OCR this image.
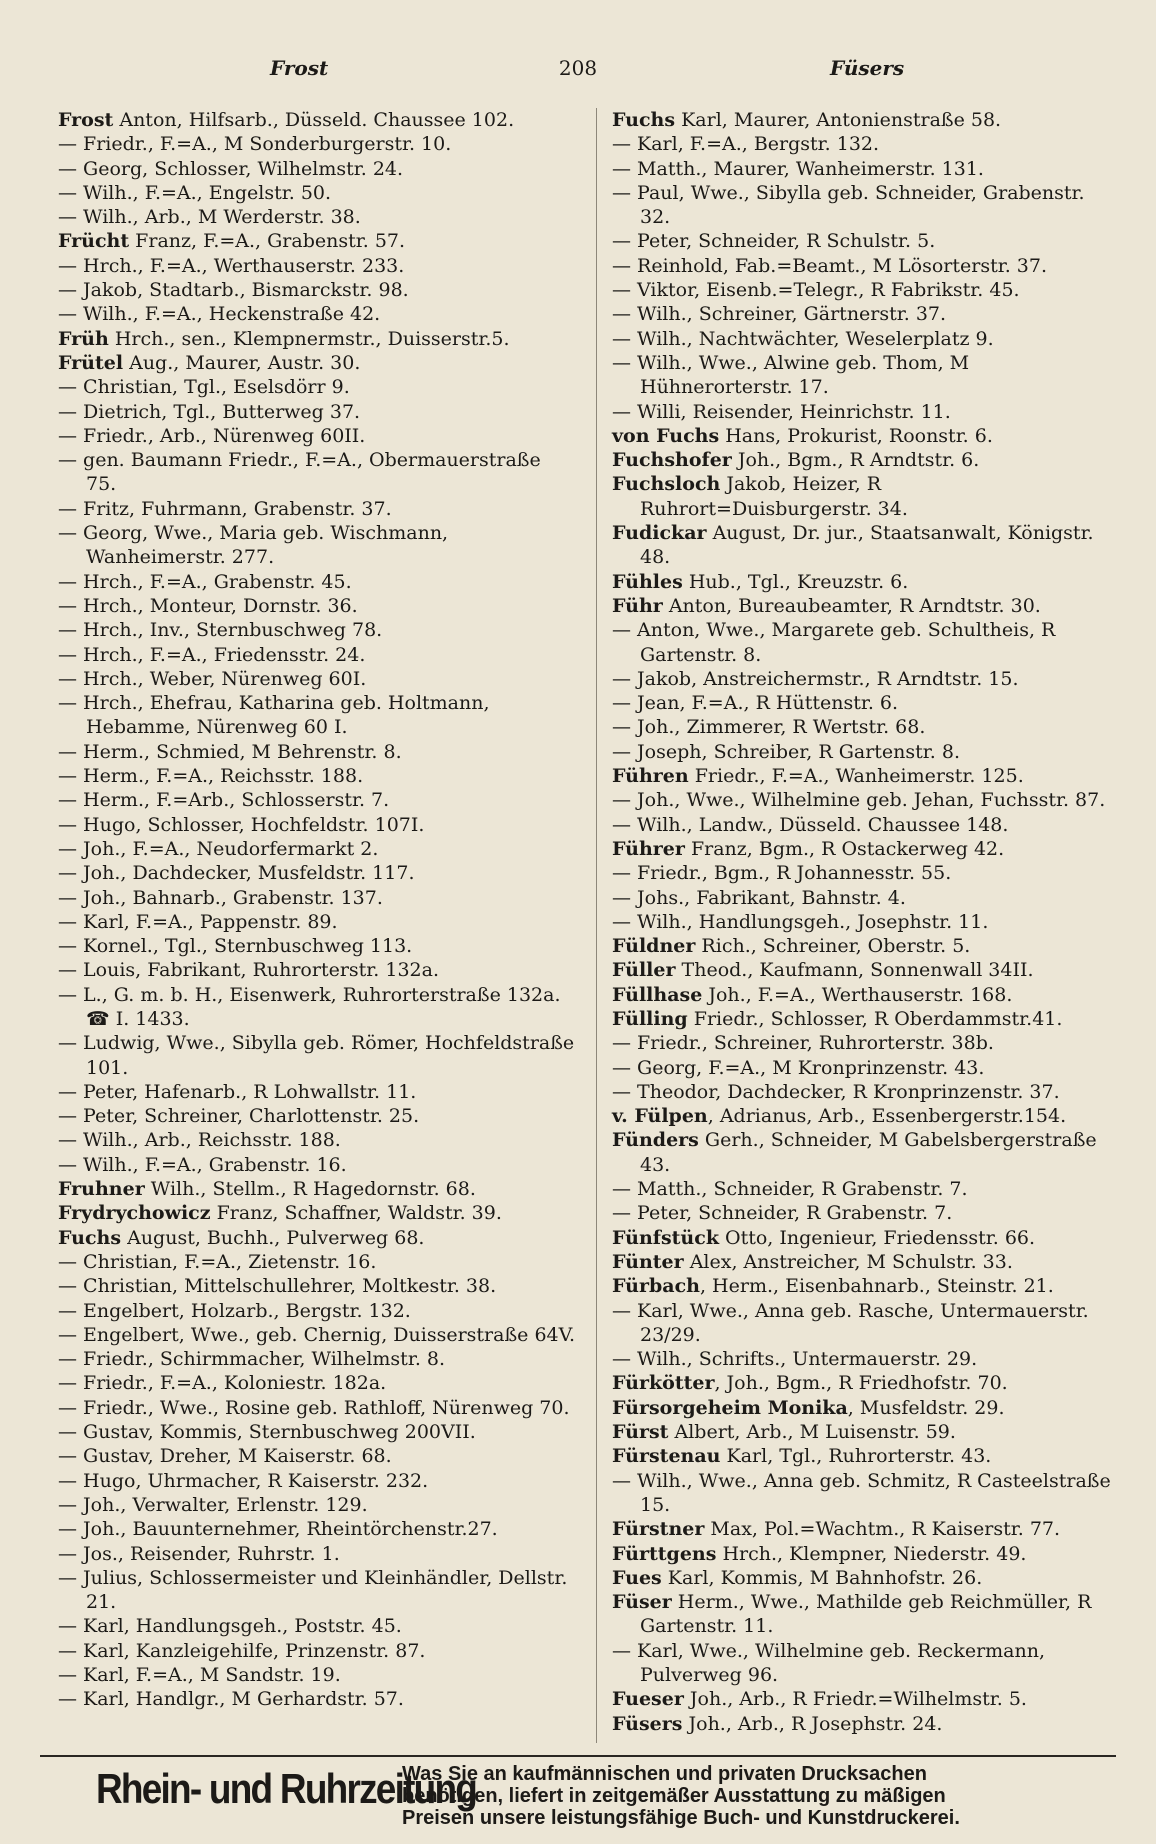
Frost	208	Füsers

Frost Anton, Hilfsarb., Düsseld. Chaussee 102.

— Friedr., F.=A., M Sonderburgerstr. 10.

— Georg, Schlosser, Wilhelmstr. 24.

— Wilh., F.=A., Engelstr. 50.

— Wilh., Arb., M Werderstr. 38.

Frücht Franz, F.=A., Grabenstr. 57.

— Hrch., F.=A., Werthauserstr. 233.

— Jakob, Stadtarb., Bismarckstr. 98.

— Wilh., F.=A., Heckenstraße 42.

Früh Hrch., sen., Klempnermstr., Duisserstr.5.

Frütel Aug., Maurer, Austr. 30.

— Christian, Tgl., Eselsdörr 9.

— Dietrich, Tgl., Butterweg 37.

— Friedr., Arb., Nürenweg 60II.

— gen. Baumann Friedr., F.=A., Obermauerstraße 75.

— Fritz, Fuhrmann, Grabenstr. 37.

— Georg, Wwe., Maria geb. Wischmann, Wanheimerstr. 277.

— Hrch., F.=A., Grabenstr. 45.

— Hrch., Monteur, Dornstr. 36.

— Hrch., Inv., Sternbuschweg 78.

— Hrch., F.=A., Friedensstr. 24.

— Hrch., Weber, Nürenweg 60I.

— Hrch., Ehefrau, Katharina geb. Holtmann, Hebamme, Nürenweg 60 I.

— Herm., Schmied, M Behrenstr. 8.

— Herm., F.=A., Reichsstr. 188.

— Herm., F.=Arb., Schlosserstr. 7.

— Hugo, Schlosser, Hochfeldstr. 107I.

— Joh., F.=A., Neudorfermarkt 2.

— Joh., Dachdecker, Musfeldstr. 117.

— Joh., Bahnarb., Grabenstr. 137.

— Karl, F.=A., Pappenstr. 89.

— Kornel., Tgl., Sternbuschweg 113.

— Louis, Fabrikant, Ruhrorterstr. 132a.

— L., G. m. b. H., Eisenwerk, Ruhrorterstraße 132a. ☎ I. 1433.

— Ludwig, Wwe., Sibylla geb. Römer, Hochfeldstraße 101.

— Peter, Hafenarb., R Lohwallstr. 11.

— Peter, Schreiner, Charlottenstr. 25.

— Wilh., Arb., Reichsstr. 188.

— Wilh., F.=A., Grabenstr. 16.

Fruhner Wilh., Stellm., R Hagedornstr. 68.

Frydrychowicz Franz, Schaffner, Waldstr. 39.

Fuchs August, Buchh., Pulverweg 68.

— Christian, F.=A., Zietenstr. 16.

— Christian, Mittelschullehrer, Moltkestr. 38.

— Engelbert, Holzarb., Bergstr. 132.

— Engelbert, Wwe., geb. Chernig, Duisserstraße 64V.

— Friedr., Schirmmacher, Wilhelmstr. 8.

— Friedr., F.=A., Koloniestr. 182a.

— Friedr., Wwe., Rosine geb. Rathloff, Nürenweg 70.

— Gustav, Kommis, Sternbuschweg 200VII.

— Gustav, Dreher, M Kaiserstr. 68.

— Hugo, Uhrmacher, R Kaiserstr. 232.

— Joh., Verwalter, Erlenstr. 129.

— Joh., Bauunternehmer, Rheintörchenstr.27.

— Jos., Reisender, Ruhrstr. 1.

— Julius, Schlossermeister und Kleinhändler, Dellstr. 21.

— Karl, Handlungsgeh., Poststr. 45.

— Karl, Kanzleigehilfe, Prinzenstr. 87.

— Karl, F.=A., M Sandstr. 19.

— Karl, Handlgr., M Gerhardstr. 57.

Fuchs Karl, Maurer, Antonienstraße 58.

— Karl, F.=A., Bergstr. 132.

— Matth., Maurer, Wanheimerstr. 131.

— Paul, Wwe., Sibylla geb. Schneider, Grabenstr. 32.

— Peter, Schneider, R Schulstr. 5.

— Reinhold, Fab.=Beamt., M Lösorterstr. 37.

— Viktor, Eisenb.=Telegr., R Fabrikstr. 45.

— Wilh., Schreiner, Gärtnerstr. 37.

— Wilh., Nachtwächter, Weselerplatz 9.

— Wilh., Wwe., Alwine geb. Thom, M Hühnerorterstr. 17.

— Willi, Reisender, Heinrichstr. 11.

von Fuchs Hans, Prokurist, Roonstr. 6.

Fuchshofer Joh., Bgm., R Arndtstr. 6.

Fuchsloch Jakob, Heizer, R Ruhrort=Duisburgerstr. 34.

Fudickar August, Dr. jur., Staatsanwalt, Königstr. 48.

Fühles Hub., Tgl., Kreuzstr. 6.

Führ Anton, Bureaubeamter, R Arndtstr. 30.

— Anton, Wwe., Margarete geb. Schultheis, R Gartenstr. 8.

— Jakob, Anstreichermstr., R Arndtstr. 15.

— Jean, F.=A., R Hüttenstr. 6.

— Joh., Zimmerer, R Wertstr. 68.

— Joseph, Schreiber, R Gartenstr. 8.

Führen Friedr., F.=A., Wanheimerstr. 125.

— Joh., Wwe., Wilhelmine geb. Jehan, Fuchsstr. 87.

— Wilh., Landw., Düsseld. Chaussee 148.

Führer Franz, Bgm., R Ostackerweg 42.

— Friedr., Bgm., R Johannesstr. 55.

— Johs., Fabrikant, Bahnstr. 4.

— Wilh., Handlungsgeh., Josephstr. 11.

Füldner Rich., Schreiner, Oberstr. 5.

Füller Theod., Kaufmann, Sonnenwall 34II.

Füllhase Joh., F.=A., Werthauserstr. 168.

Fülling Friedr., Schlosser, R Oberdammstr.41.

— Friedr., Schreiner, Ruhrorterstr. 38b.

— Georg, F.=A., M Kronprinzenstr. 43.

— Theodor, Dachdecker, R Kronprinzenstr. 37.

v. Fülpen, Adrianus, Arb., Essenbergerstr.154.

Fünders Gerh., Schneider, M Gabelsbergerstraße 43.

— Matth., Schneider, R Grabenstr. 7.

— Peter, Schneider, R Grabenstr. 7.

Fünfstück Otto, Ingenieur, Friedensstr. 66.

Fünter Alex, Anstreicher, M Schulstr. 33.

Fürbach, Herm., Eisenbahnarb., Steinstr. 21.

— Karl, Wwe., Anna geb. Rasche, Untermauerstr. 23/29.

— Wilh., Schrifts., Untermauerstr. 29.

Fürkötter, Joh., Bgm., R Friedhofstr. 70.

Fürsorgeheim Monika, Musfeldstr. 29.

Fürst Albert, Arb., M Luisenstr. 59.

Fürstenau Karl, Tgl., Ruhrorterstr. 43.

— Wilh., Wwe., Anna geb. Schmitz, R Casteelstraße 15.

Fürstner Max, Pol.=Wachtm., R Kaiserstr. 77.

Fürttgens Hrch., Klempner, Niederstr. 49.

Fues Karl, Kommis, M Bahnhofstr. 26.

Füser Herm., Wwe., Mathilde geb Reichmüller, R Gartenstr. 11.

— Karl, Wwe., Wilhelmine geb. Reckermann, Pulverweg 96.

Fueser Joh., Arb., R Friedr.=Wilhelmstr. 5.

Füsers Joh., Arb., R Josephstr. 24.

Rhein- und Ruhrzeitung
Was Sie an kaufmännischen und privaten Drucksachen
benötigen, liefert in zeitgemäßer Ausstattung zu mäßigen
Preisen unsere leistungsfähige Buch- und Kunstdruckerei.
